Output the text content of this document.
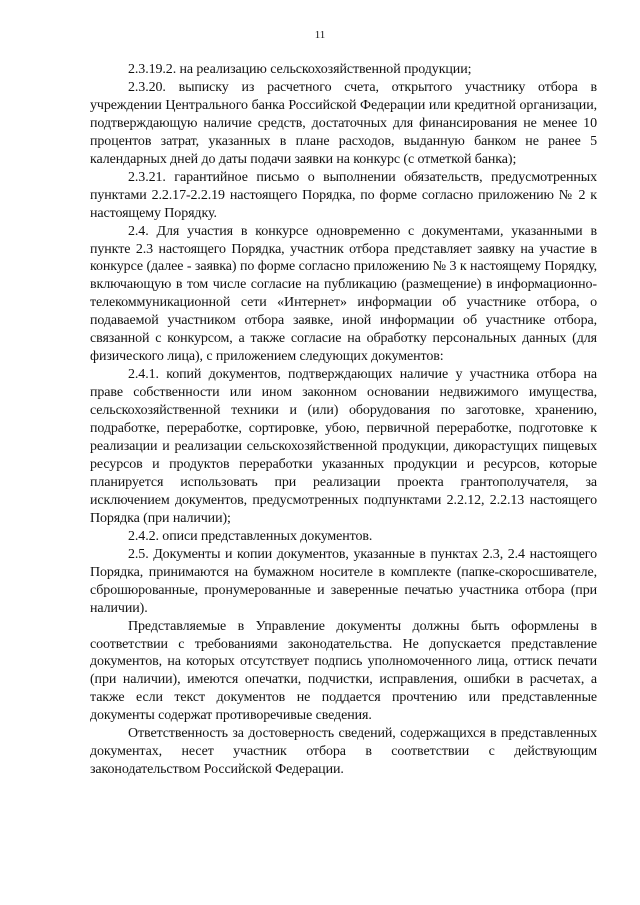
11

2.3.19.2. на реализацию сельскохозяйственной продукции;

2.3.20. выписку из расчетного счета, открытого участнику отбора в учреждении Центрального банка Российской Федерации или кредитной организации, подтверждающую наличие средств, достаточных для финансирования не менее 10 процентов затрат, указанных в плане расходов, выданную банком не ранее 5 календарных дней до даты подачи заявки на конкурс (с отметкой банка);

2.3.21. гарантийное письмо о выполнении обязательств, предусмотренных пунктами 2.2.17-2.2.19 настоящего Порядка, по форме согласно приложению № 2 к настоящему Порядку.

2.4. Для участия в конкурсе одновременно с документами, указанными в пункте 2.3 настоящего Порядка, участник отбора представляет заявку на участие в конкурсе (далее - заявка) по форме согласно приложению № 3 к настоящему Порядку, включающую в том числе согласие на публикацию (размещение) в информационно-телекоммуникационной сети «Интернет» информации об участнике отбора, о подаваемой участником отбора заявке, иной информации об участнике отбора, связанной с конкурсом, а также согласие на обработку персональных данных (для физического лица), с приложением следующих документов:

2.4.1. копий документов, подтверждающих наличие у участника отбора на праве собственности или ином законном основании недвижимого имущества, сельскохозяйственной техники и (или) оборудования по заготовке, хранению, подработке, переработке, сортировке, убою, первичной переработке, подготовке к реализации и реализации сельскохозяйственной продукции, дикорастущих пищевых ресурсов и продуктов переработки указанных продукции и ресурсов, которые планируется использовать при реализации проекта грантополучателя, за исключением документов, предусмотренных подпунктами 2.2.12, 2.2.13 настоящего Порядка (при наличии);

2.4.2. описи представленных документов.

2.5. Документы и копии документов, указанные в пунктах 2.3, 2.4 настоящего Порядка, принимаются на бумажном носителе в комплекте (папке-скоросшивателе, сброшюрованные, пронумерованные и заверенные печатью участника отбора (при наличии).

Представляемые в Управление документы должны быть оформлены в соответствии с требованиями законодательства. Не допускается представление документов, на которых отсутствует подпись уполномоченного лица, оттиск печати (при наличии), имеются опечатки, подчистки, исправления, ошибки в расчетах, а также если текст документов не поддается прочтению или представленные документы содержат противоречивые сведения.

Ответственность за достоверность сведений, содержащихся в представленных документах, несет участник отбора в соответствии с действующим законодательством Российской Федерации.
